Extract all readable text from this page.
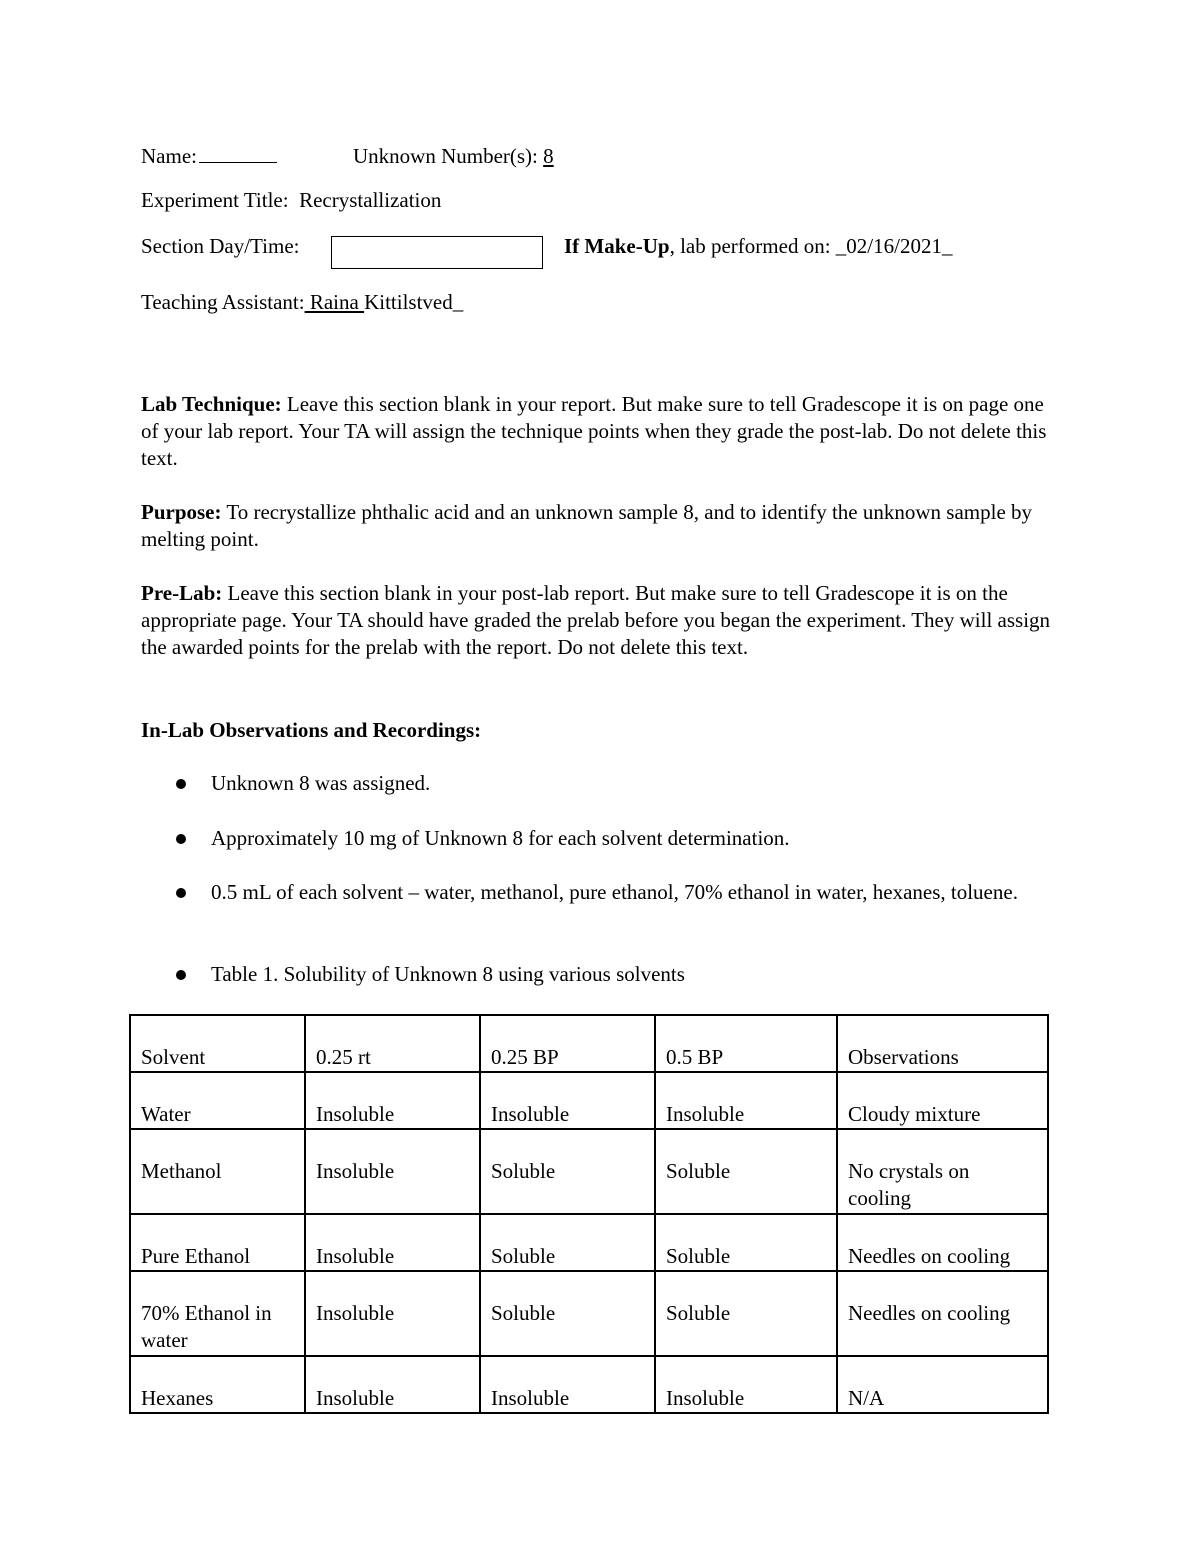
Name:	Unknown Number(s): 8
Experiment Title: Recrystallization
Section Day/Time:	If Make-Up, lab performed on: _02/16/2021_
Teaching Assistant: Raina Kittilstved_
Lab Technique: Leave this section blank in your report. But make sure to tell Gradescope it is on page one of your lab report. Your TA will assign the technique points when they grade the post-lab. Do not delete this text.
Purpose: To recrystallize phthalic acid and an unknown sample 8, and to identify the unknown sample by melting point.
Pre-Lab: Leave this section blank in your post-lab report. But make sure to tell Gradescope it is on the appropriate page. Your TA should have graded the prelab before you began the experiment. They will assign the awarded points for the prelab with the report. Do not delete this text.
In-Lab Observations and Recordings:
Unknown 8 was assigned.
Approximately 10 mg of Unknown 8 for each solvent determination.
0.5 mL of each solvent – water, methanol, pure ethanol, 70% ethanol in water, hexanes, toluene.
Table 1. Solubility of Unknown 8 using various solvents
Solvent	0.25 rt	0.25 BP	0.5 BP	Observations
Water	Insoluble	Insoluble	Insoluble	Cloudy mixture
Methanol	Insoluble	Soluble	Soluble	No crystals on cooling
Pure Ethanol	Insoluble	Soluble	Soluble	Needles on cooling
70% Ethanol in water	Insoluble	Soluble	Soluble	Needles on cooling
Hexanes	Insoluble	Insoluble	Insoluble	N/A
